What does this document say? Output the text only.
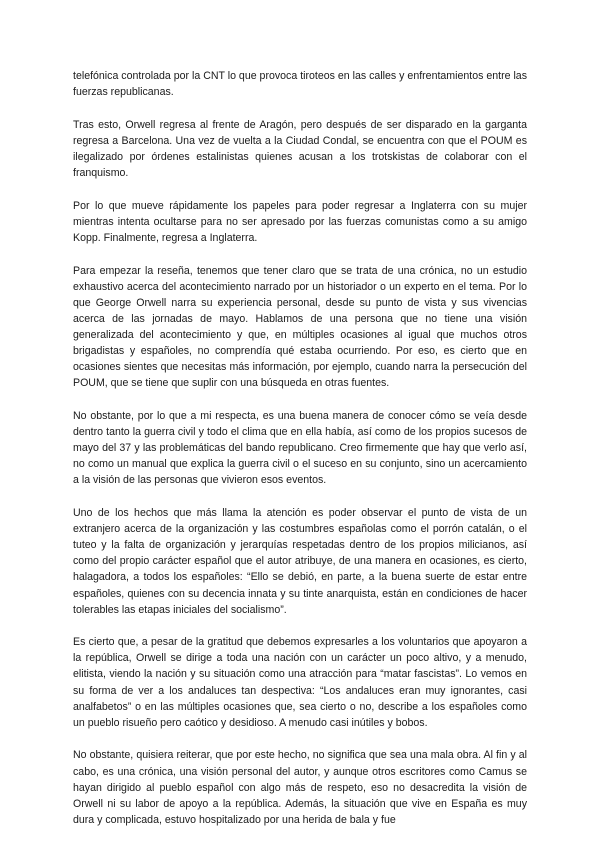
telefónica controlada por la CNT lo que provoca tiroteos en las calles y enfrentamientos entre las fuerzas republicanas.

Tras esto, Orwell regresa al frente de Aragón, pero después de ser disparado en la garganta regresa a Barcelona. Una vez de vuelta a la Ciudad Condal, se encuentra con que el POUM es ilegalizado por órdenes estalinistas quienes acusan a los trotskistas de colaborar con el franquismo.

Por lo que mueve rápidamente los papeles para poder regresar a Inglaterra con su mujer mientras intenta ocultarse para no ser apresado por las fuerzas comunistas como a su amigo Kopp. Finalmente, regresa a Inglaterra.

Para empezar la reseña, tenemos que tener claro que se trata de una crónica, no un estudio exhaustivo acerca del acontecimiento narrado por un historiador o un experto en el tema. Por lo que George Orwell narra su experiencia personal, desde su punto de vista y sus vivencias acerca de las jornadas de mayo. Hablamos de una persona que no tiene una visión generalizada del acontecimiento y que, en múltiples ocasiones al igual que muchos otros brigadistas y españoles, no comprendía qué estaba ocurriendo. Por eso, es cierto que en ocasiones sientes que necesitas más información, por ejemplo, cuando narra la persecución del POUM, que se tiene que suplir con una búsqueda en otras fuentes.

No obstante, por lo que a mi respecta, es una buena manera de conocer cómo se veía desde dentro tanto la guerra civil y todo el clima que en ella había, así como de los propios sucesos de mayo del 37 y las problemáticas del bando republicano. Creo firmemente que hay que verlo así, no como un manual que explica la guerra civil o el suceso en su conjunto, sino un acercamiento a la visión de las personas que vivieron esos eventos.

Uno de los hechos que más llama la atención es poder observar el punto de vista de un extranjero acerca de la organización y las costumbres españolas como el porrón catalán, o el tuteo y la falta de organización y jerarquías respetadas dentro de los propios milicianos, así como del propio carácter español que el autor atribuye, de una manera en ocasiones, es cierto, halagadora, a todos los españoles: “Ello se debió, en parte, a la buena suerte de estar entre españoles, quienes con su decencia innata y su tinte anarquista, están en condiciones de hacer tolerables las etapas iniciales del socialismo”.

Es cierto que, a pesar de la gratitud que debemos expresarles a los voluntarios que apoyaron a la república, Orwell se dirige a toda una nación con un carácter un poco altivo, y a menudo, elitista, viendo la nación y su situación como una atracción para “matar fascistas”. Lo vemos en su forma de ver a los andaluces tan despectiva: “Los andaluces eran muy ignorantes, casi analfabetos” o en las múltiples ocasiones que, sea cierto o no, describe a los españoles como un pueblo risueño pero caótico y desidioso. A menudo casi inútiles y bobos.

No obstante, quisiera reiterar, que por este hecho, no significa que sea una mala obra. Al fin y al cabo, es una crónica, una visión personal del autor, y aunque otros escritores como Camus se hayan dirigido al pueblo español con algo más de respeto, eso no desacredita la visión de Orwell ni su labor de apoyo a la república. Además, la situación que vive en España es muy dura y complicada, estuvo hospitalizado por una herida de bala y fue
